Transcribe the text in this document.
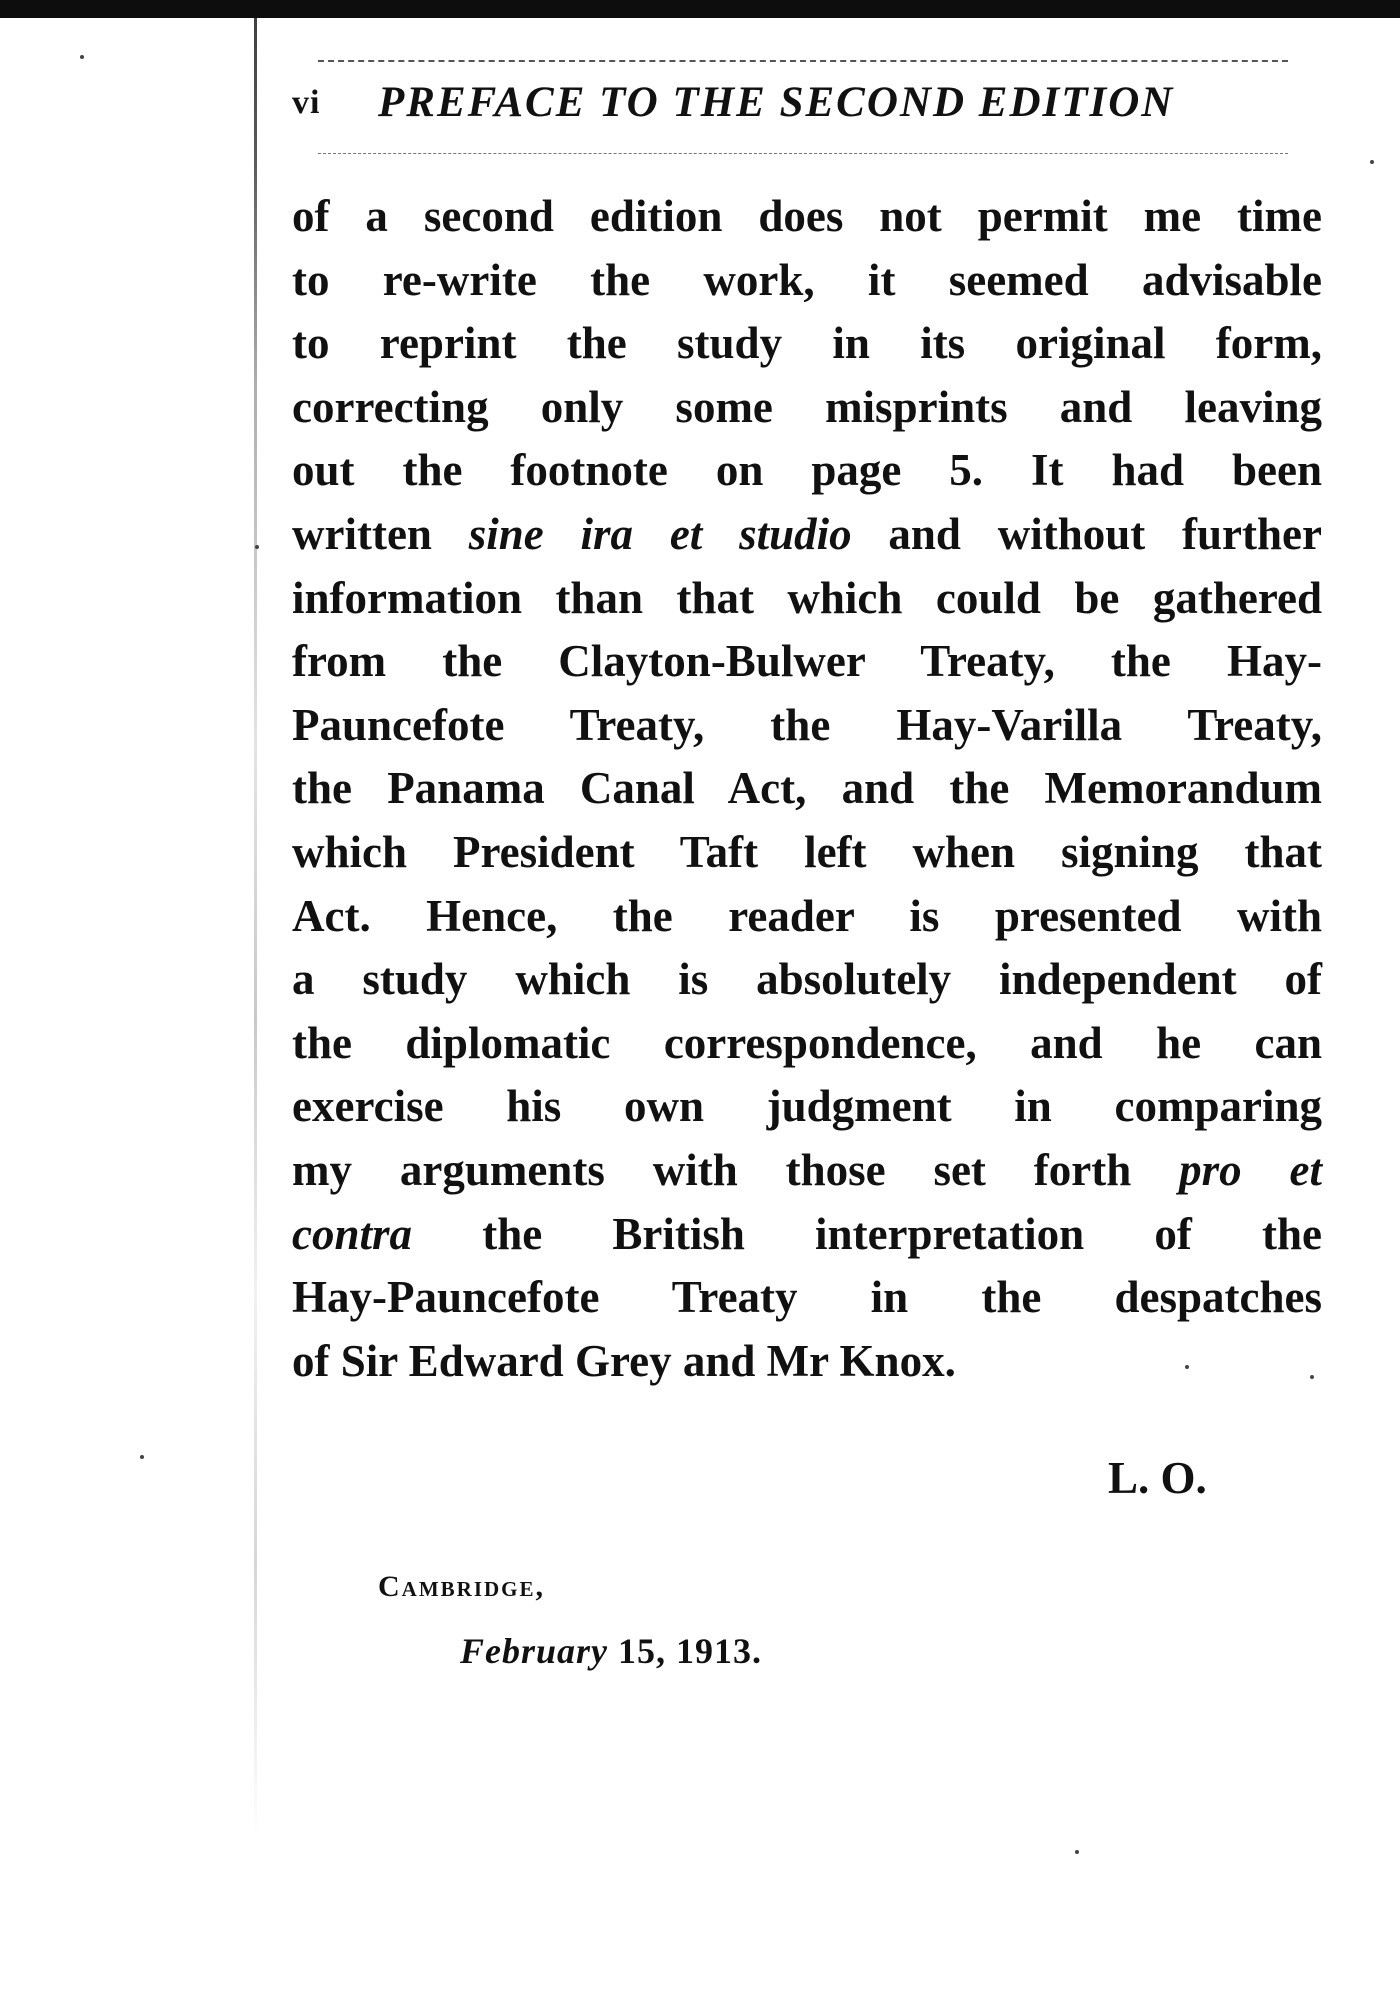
vi PREFACE TO THE SECOND EDITION
of a second edition does not permit me time
to re-write the work, it seemed advisable
to reprint the study in its original form,
correcting only some misprints and leaving
out the footnote on page 5. It had been
written sine ira et studio and without further
information than that which could be gathered
from the Clayton-Bulwer Treaty, the Hay-
Pauncefote Treaty, the Hay-Varilla Treaty,
the Panama Canal Act, and the Memorandum
which President Taft left when signing that
Act. Hence, the reader is presented with
a study which is absolutely independent of
the diplomatic correspondence, and he can
exercise his own judgment in comparing
my arguments with those set forth pro et
contra the British interpretation of the
Hay-Pauncefote Treaty in the despatches
of Sir Edward Grey and Mr Knox.
L. O.
Cambridge,
February 15, 1913.
